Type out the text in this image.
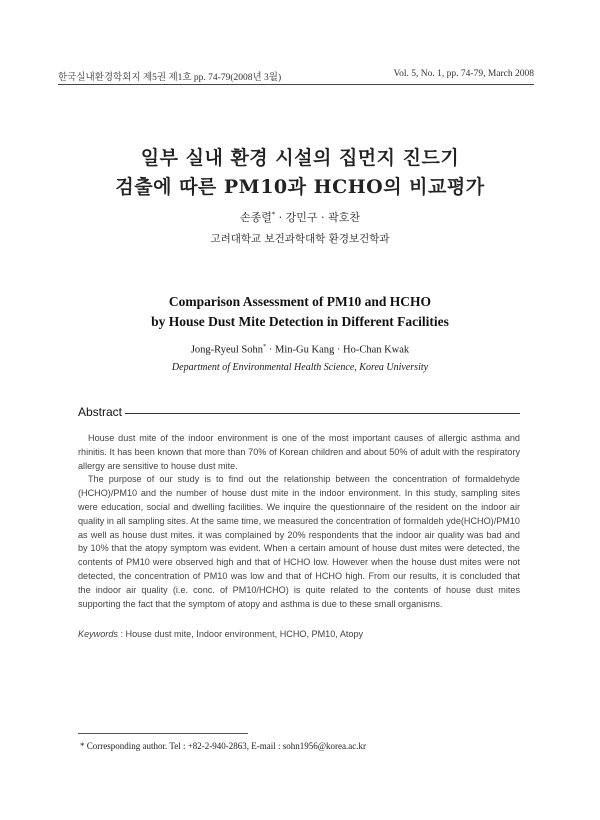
한국실내환경학회지 제5권 제1호 pp. 74-79(2008년 3월)	Vol. 5, No. 1, pp. 74-79, March 2008
일부 실내 환경 시설의 집먼지 진드기
검출에 따른 PM10과 HCHO의 비교평가
손종렬* · 강민구 · 곽호찬
고려대학교 보건과학대학 환경보건학과
Comparison Assessment of PM10 and HCHO
by House Dust Mite Detection in Different Facilities
Jong-Ryeul Sohn* · Min-Gu Kang · Ho-Chan Kwak
Department of Environmental Health Science, Korea University
Abstract

House dust mite of the indoor environment is one of the most important causes of allergic asthma and rhinitis. It has been known that more than 70% of Korean children and about 50% of adult with the respiratory allergy are sensitive to house dust mite.

The purpose of our study is to find out the relationship between the concentration of formaldehyde (HCHO)/PM10 and the number of house dust mite in the indoor environment. In this study, sampling sites were education, social and dwelling facilities. We inquire the questionnaire of the resident on the indoor air quality in all sampling sites. At the same time, we measured the concentration of formaldeh yde(HCHO)/PM10 as well as house dust mites. it was complained by 20% respondents that the indoor air quality was bad and by 10% that the atopy symptom was evident. When a certain amount of house dust mites were detected, the contents of PM10 were observed high and that of HCHO low. However when the house dust mites were not detected, the concentration of PM10 was low and that of HCHO high. From our results, it is concluded that the indoor air quality (i.e. conc. of PM10/HCHO) is quite related to the contents of house dust mites supporting the fact that the symptom of atopy and asthma is due to these small organisms.

Keywords : House dust mite, Indoor environment, HCHO, PM10, Atopy
* Corresponding author. Tel : +82-2-940-2863, E-mail : sohn1956@korea.ac.kr
